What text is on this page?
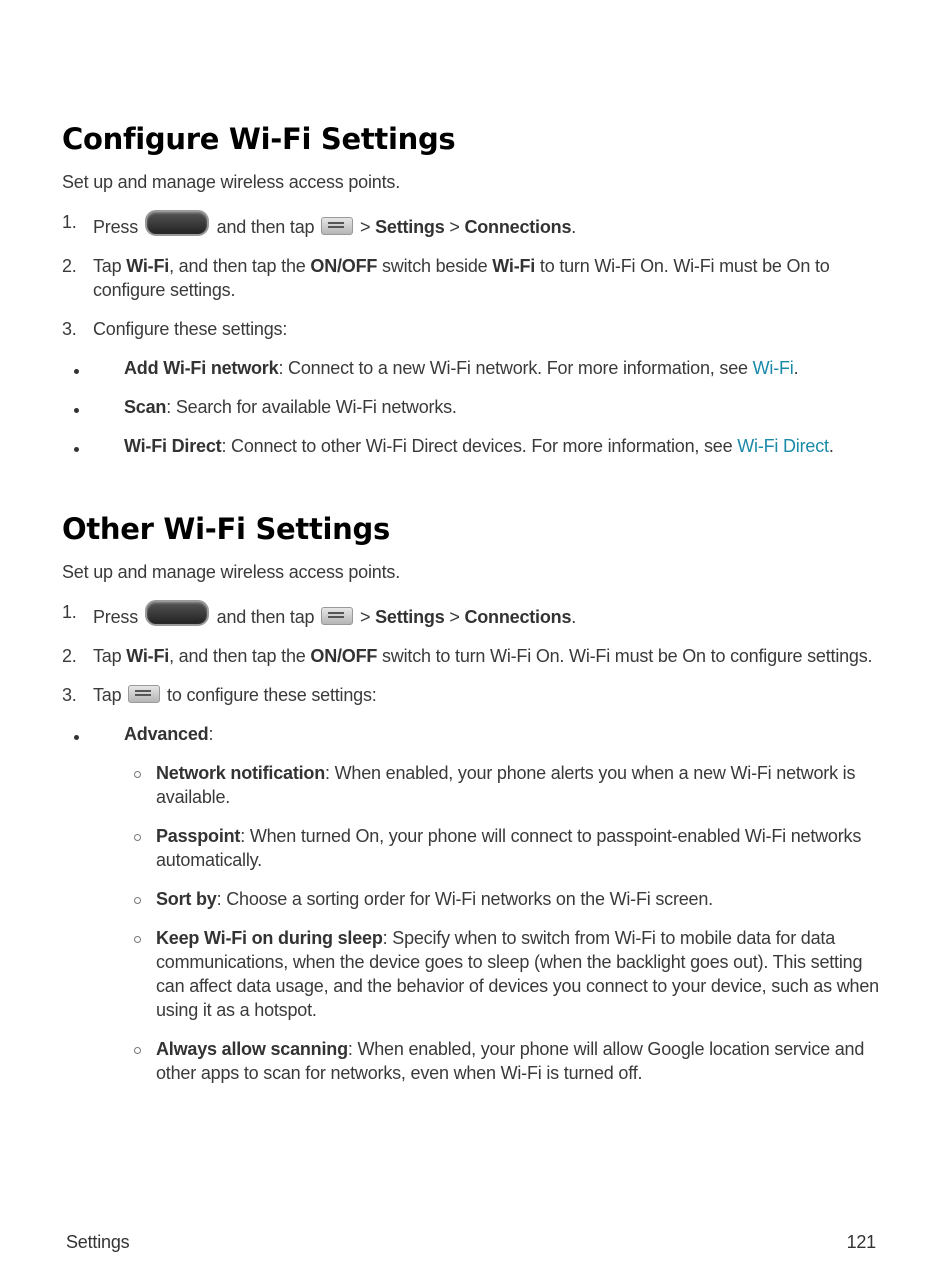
Configure Wi-Fi Settings

Set up and manage wireless access points.

1. Press	and then tap	> Settings > Connections.
2. Tap Wi-Fi, and then tap the ON/OFF switch beside Wi-Fi to turn Wi-Fi On. Wi-Fi must be On to configure settings.
3. Configure these settings:
Add Wi-Fi network: Connect to a new Wi-Fi network. For more information, see Wi-Fi.
Scan: Search for available Wi-Fi networks.
Wi-Fi Direct: Connect to other Wi-Fi Direct devices. For more information, see Wi-Fi Direct.
Other Wi-Fi Settings

Set up and manage wireless access points.

1. Press	and then tap	> Settings > Connections.
2. Tap Wi-Fi, and then tap the ON/OFF switch to turn Wi-Fi On. Wi-Fi must be On to configure settings.
3. Tap	to configure these settings:
Advanced:
Network notification: When enabled, your phone alerts you when a new Wi-Fi network is available.
Passpoint: When turned On, your phone will connect to passpoint-enabled Wi-Fi networks automatically.
Sort by: Choose a sorting order for Wi-Fi networks on the Wi-Fi screen.
Keep Wi-Fi on during sleep: Specify when to switch from Wi-Fi to mobile data for data communications, when the device goes to sleep (when the backlight goes out). This setting can affect data usage, and the behavior of devices you connect to your device, such as when using it as a hotspot.
Always allow scanning: When enabled, your phone will allow Google location service and other apps to scan for networks, even when Wi-Fi is turned off.
Settings	121
